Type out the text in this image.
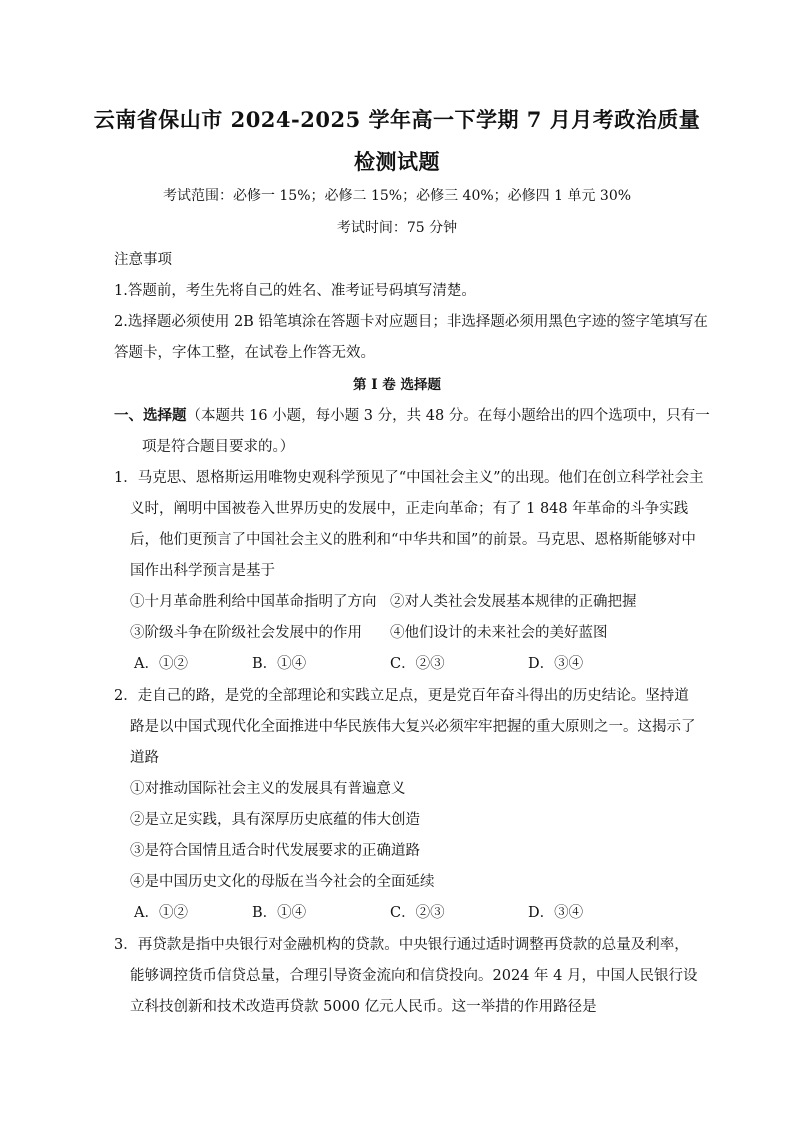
云南省保山市 2024-2025 学年高一下学期 7 月月考政治质量
检测试题
考试范围：必修一 15%；必修二 15%；必修三 40%；必修四 1 单元 30%
考试时间：75 分钟
注意事项
1.答题前，考生先将自己的姓名、准考证号码填写清楚。
2.选择题必须使用 2B 铅笔填涂在答题卡对应题目；非选择题必须用黑色字迹的签字笔填写在
答题卡，字体工整，在试卷上作答无效。
第 I 卷 选择题
一、选择题（本题共 16 小题，每小题 3 分，共 48 分。在每小题给出的四个选项中，只有一
项是符合题目要求的。）
1．马克思、恩格斯运用唯物史观科学预见了“中国社会主义”的出现。他们在创立科学社会主
义时，阐明中国被卷入世界历史的发展中，正走向革命；有了 1 848 年革命的斗争实践
后，他们更预言了中国社会主义的胜利和“中华共和国”的前景。马克思、恩格斯能够对中
国作出科学预言是基于
①十月革命胜利给中国革命指明了方向 ②对人类社会发展基本规律的正确把握
③阶级斗争在阶级社会发展中的作用 ④他们设计的未来社会的美好蓝图
A．①②	B．①④	C．②③	D．③④
2．走自己的路，是党的全部理论和实践立足点，更是党百年奋斗得出的历史结论。坚持道
路是以中国式现代化全面推进中华民族伟大复兴必须牢牢把握的重大原则之一。这揭示了
道路
①对推动国际社会主义的发展具有普遍意义
②是立足实践，具有深厚历史底蕴的伟大创造
③是符合国情且适合时代发展要求的正确道路
④是中国历史文化的母版在当今社会的全面延续
A．①②	B．①④	C．②③	D．③④
3．再贷款是指中央银行对金融机构的贷款。中央银行通过适时调整再贷款的总量及利率，
能够调控货币信贷总量，合理引导资金流向和信贷投向。2024 年 4 月，中国人民银行设
立科技创新和技术改造再贷款 5000 亿元人民币。这一举措的作用路径是
